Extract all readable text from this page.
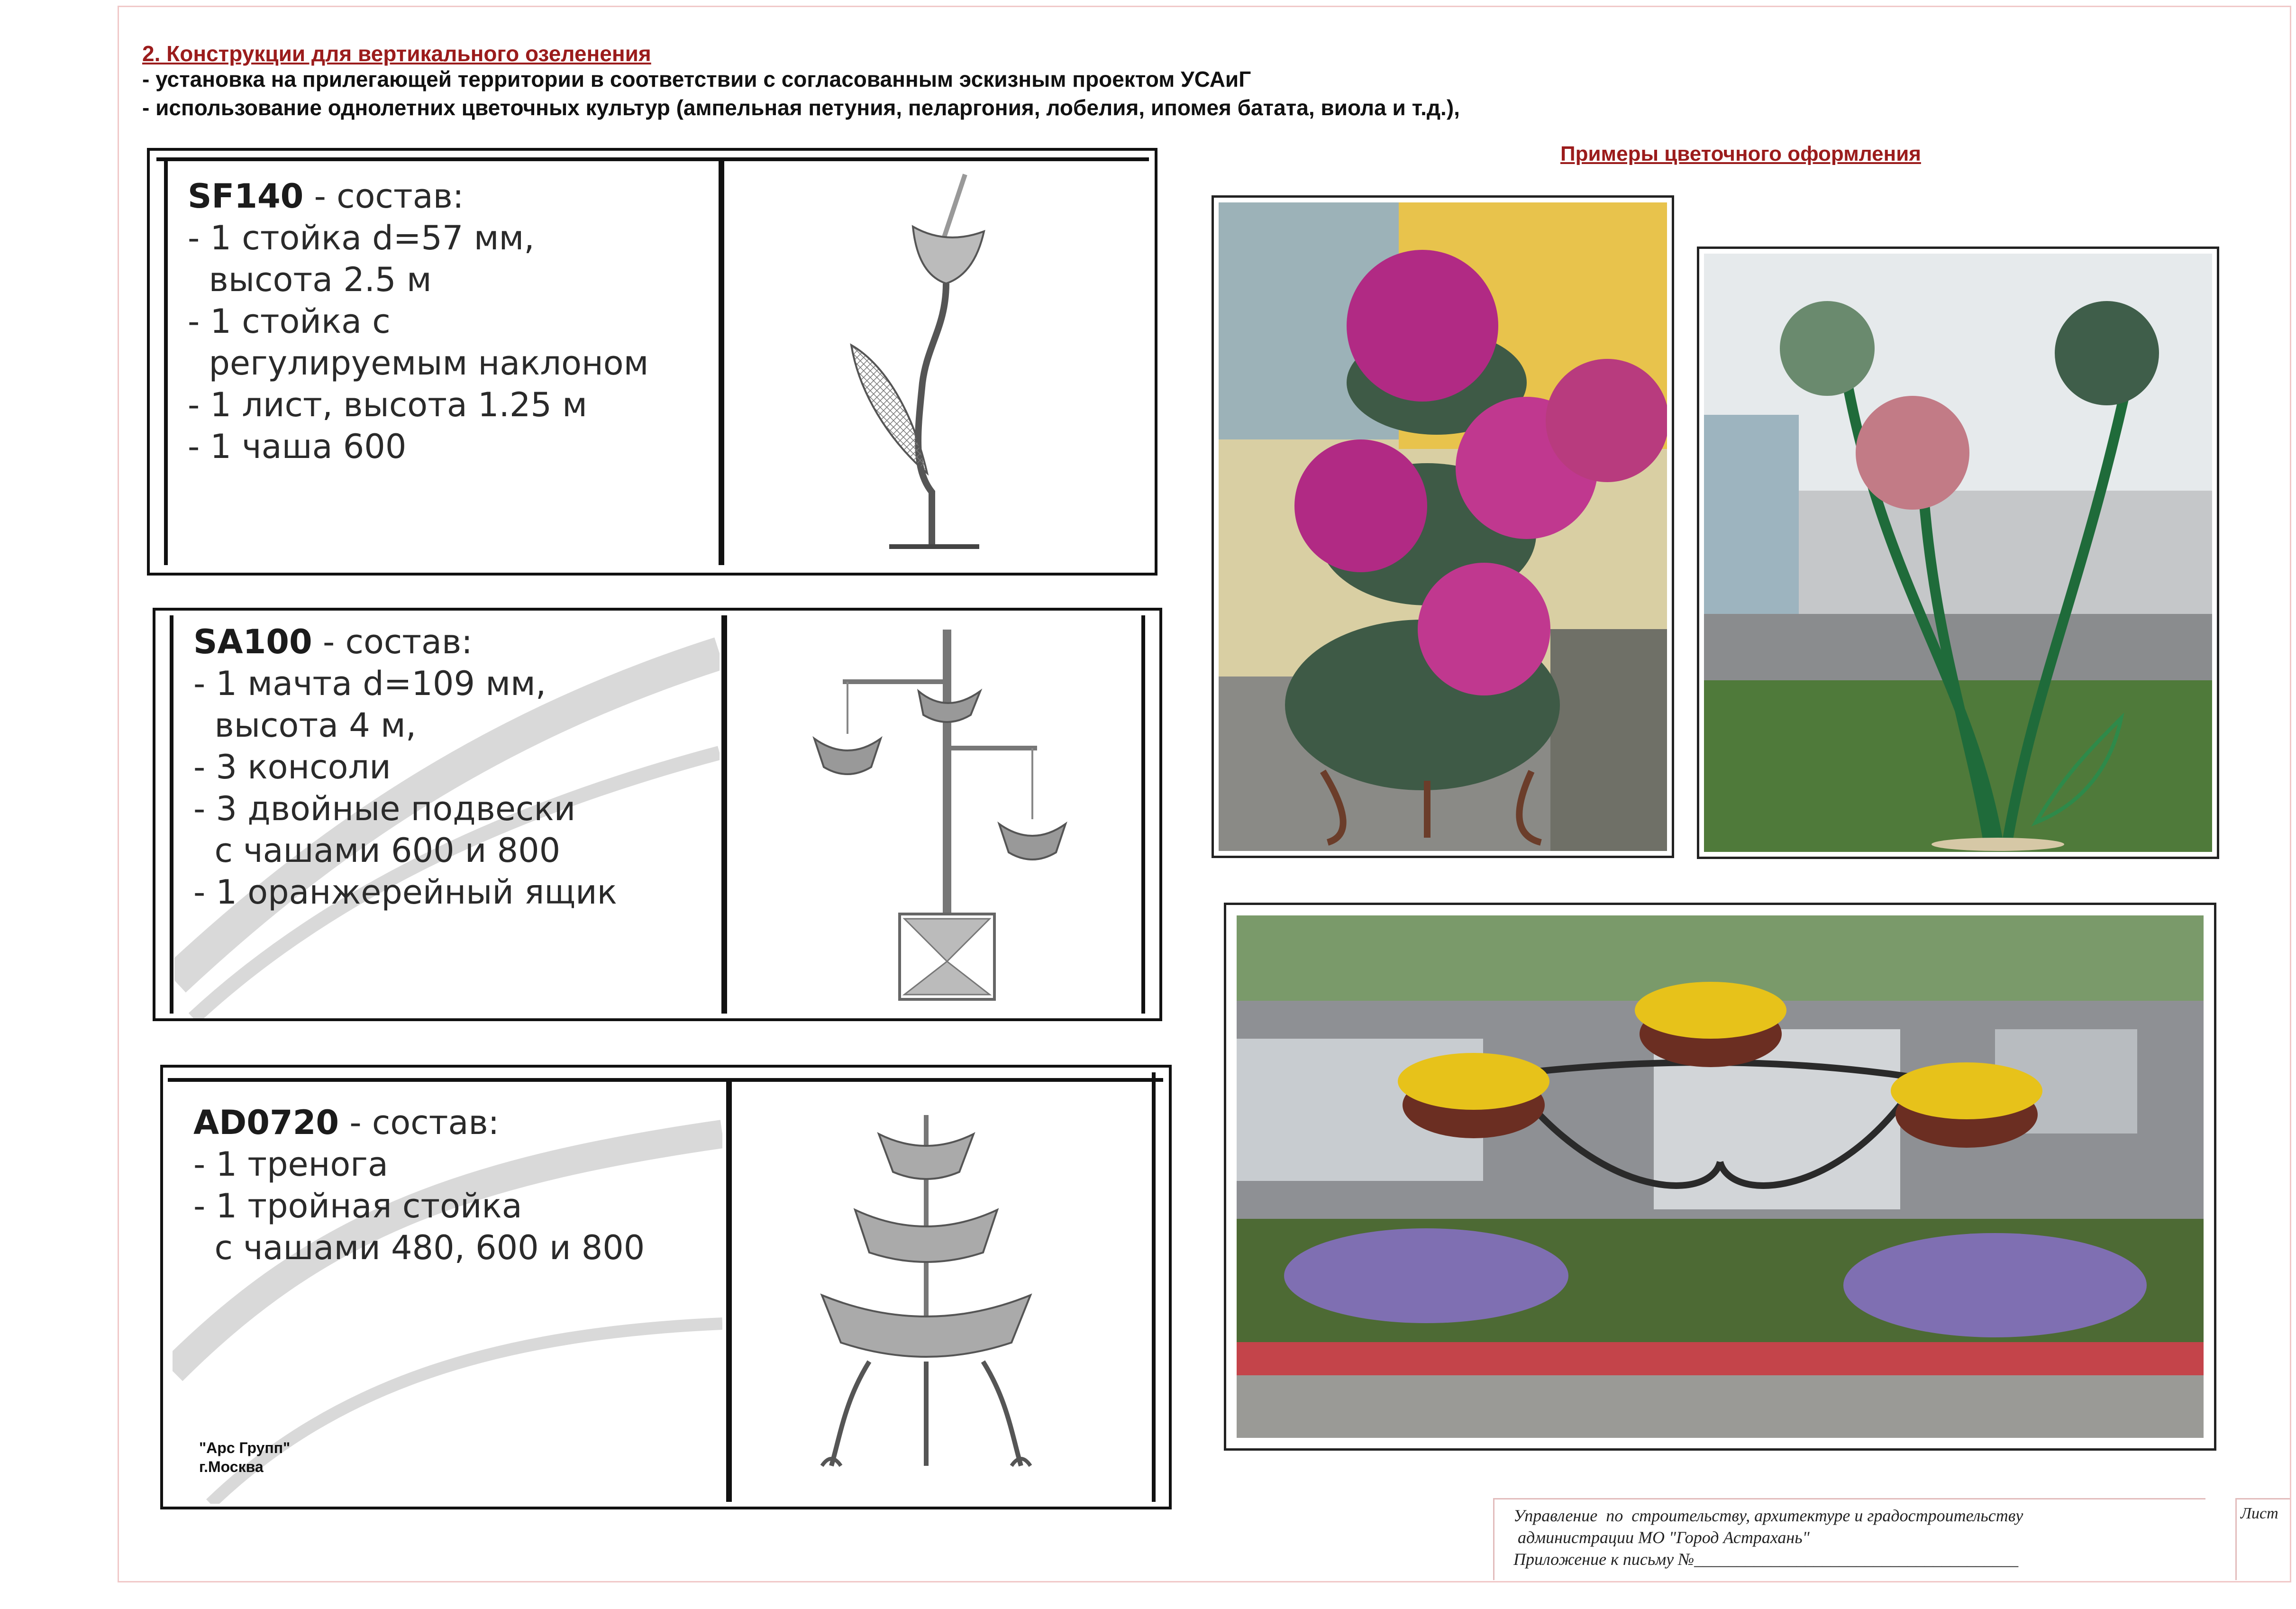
2. Конструкции для вертикального озеленения
- установка на прилегающей территории в соответствии с согласованным эскизным проектом УСАиГ
- использование однолетних цветочных культур (ампельная петуния, пеларгония, лобелия, ипомея батата, виола и т.д.),
Примеры цветочного оформления
SF140 - состав:
- 1 стойка d=57 мм,
высота 2.5 м
- 1 стойка с
регулируемым наклоном
- 1 лист, высота 1.25 м
- 1 чаша 600
SA100 - состав:
- 1 мачта d=109 мм,
высота 4 м,
- 3 консоли
- 3 двойные подвески
с чашами 600 и 800
- 1 оранжерейный ящик
AD0720 - состав:
- 1 тренога
- 1 тройная стойка
с чашами 480, 600 и 800
"Арс Групп"
г.Москва
Управление  по  строительству, архитектуре и градостроительству
администрации МО "Город Астрахань"
Приложение к письму №______________________________________
Лист
